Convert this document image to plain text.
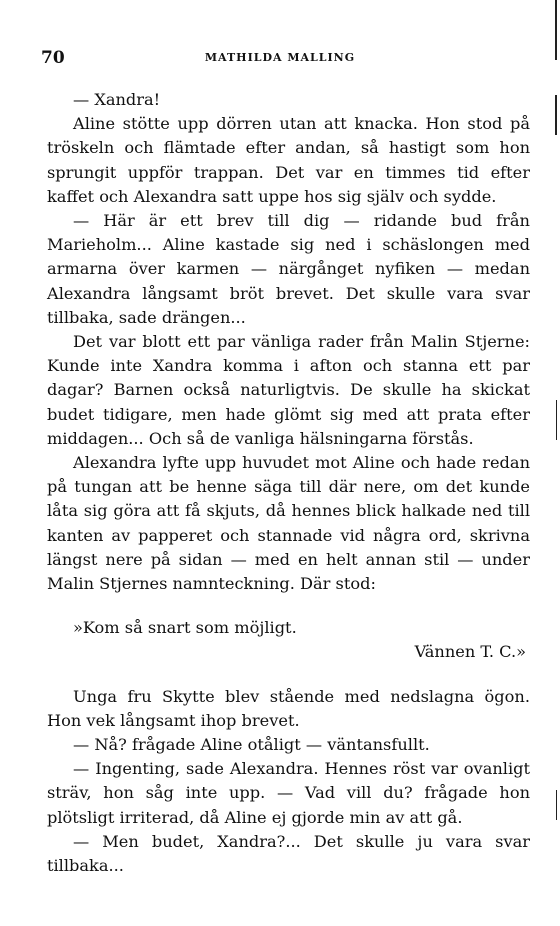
70	MATHILDA MALLING

— Xandra!

Aline stötte upp dörren utan att knacka. Hon stod på tröskeln och flämtade efter andan, så hastigt som hon sprungit uppför trappan. Det var en timmes tid efter kaffet och Alexandra satt uppe hos sig själv och sydde.

— Här är ett brev till dig — ridande bud från Marieholm... Aline kastade sig ned i schäslongen med armarna över karmen — närgånget nyfiken — medan Alexandra långsamt bröt brevet. Det skulle vara svar tillbaka, sade drängen...

Det var blott ett par vänliga rader från Malin Stjerne: Kunde inte Xandra komma i afton och stanna ett par dagar? Barnen också naturligtvis. De skulle ha skickat budet tidigare, men hade glömt sig med att prata efter middagen... Och så de vanliga hälsningarna förstås.

Alexandra lyfte upp huvudet mot Aline och hade redan på tungan att be henne säga till där nere, om det kunde låta sig göra att få skjuts, då hennes blick halkade ned till kanten av papperet och stannade vid några ord, skrivna längst nere på sidan — med en helt annan stil — under Malin Stjernes namnteckning. Där stod:

»Kom så snart som möjligt.

Vännen T. C.»

Unga fru Skytte blev stående med nedslagna ögon. Hon vek långsamt ihop brevet.

— Nå? frågade Aline otåligt — väntansfullt.

— Ingenting, sade Alexandra. Hennes röst var ovanligt sträv, hon såg inte upp. — Vad vill du? frågade hon plötsligt irriterad, då Aline ej gjorde min av att gå.

— Men budet, Xandra?... Det skulle ju vara svar tillbaka...
